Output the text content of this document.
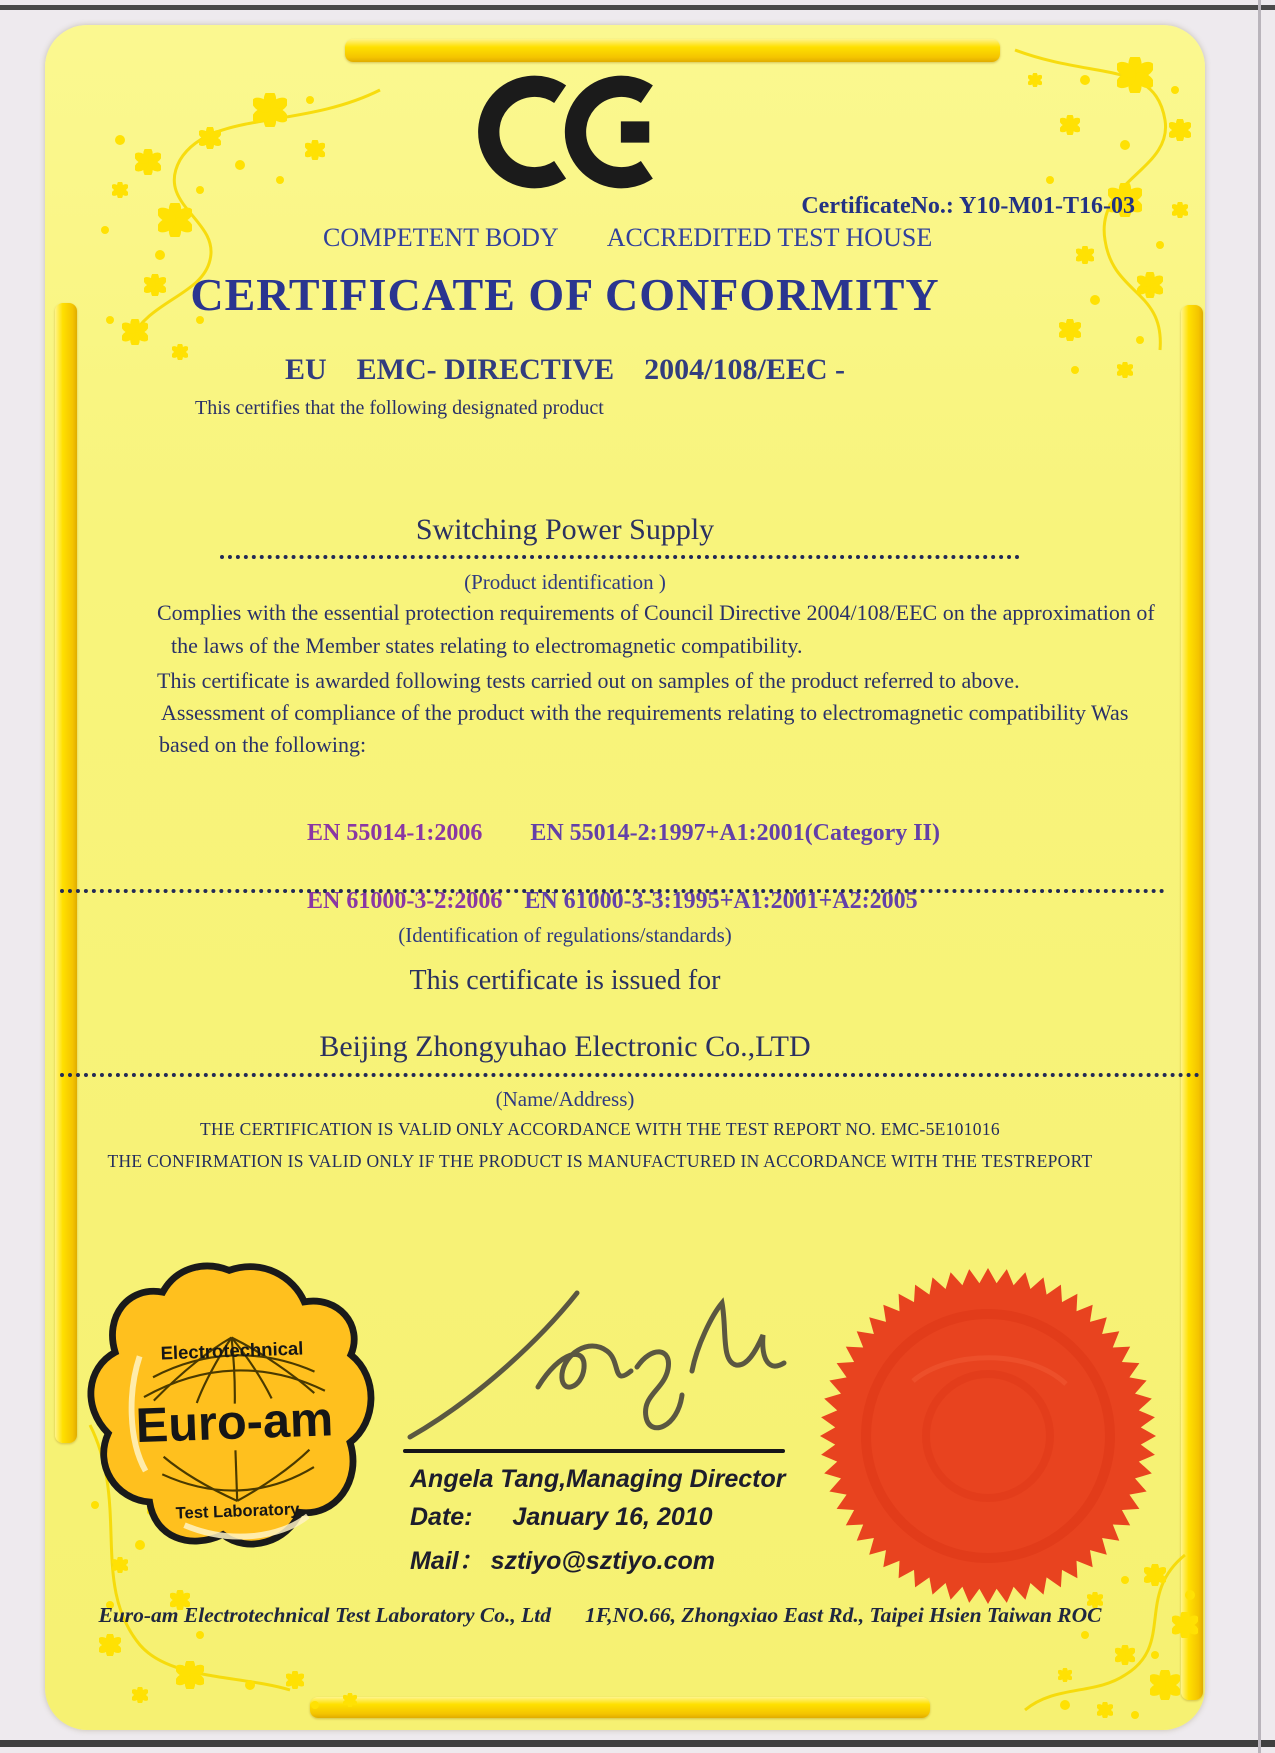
CertificateNo.: Y10-M01-T16-03
COMPETENT BODY ACCREDITED TEST HOUSE
CERTIFICATE OF CONFORMITY
EU    EMC- DIRECTIVE    2004/108/EEC -
This certifies that the following designated product
Switching Power Supply
(Product identification )
Complies with the essential protection requirements of Council Directive 2004/108/EEC on the approximation of
the laws of the Member states relating to electromagnetic compatibility.
This certificate is awarded following tests carried out on samples of the product referred to above.
Assessment of compliance of the product with the requirements relating to electromagnetic compatibility Was
based on the following:

EN 55014-1:2006 EN 55014-2:1997+A1:2001(Category II)

EN 61000-3-2:2006 EN 61000-3-3:1995+A1:2001+A2:2005

(Identification of regulations/standards)
This certificate is issued for
Beijing Zhongyuhao Electronic Co.,LTD
(Name/Address)
THE CERTIFICATION IS VALID ONLY ACCORDANCE WITH THE TEST REPORT NO. EMC-5E101016
THE CONFIRMATION IS VALID ONLY IF THE PRODUCT IS MANUFACTURED IN ACCORDANCE WITH THE TESTREPORT
Electrotechnical
Euro-am
Test Laboratory
Angela Tang,Managing Director
Date: January 16, 2010
Mail： sztiyo@sztiyo.com
Euro-am Electrotechnical Test Laboratory Co., Ltd 1F,NO.66, Zhongxiao East Rd., Taipei Hsien Taiwan ROC
